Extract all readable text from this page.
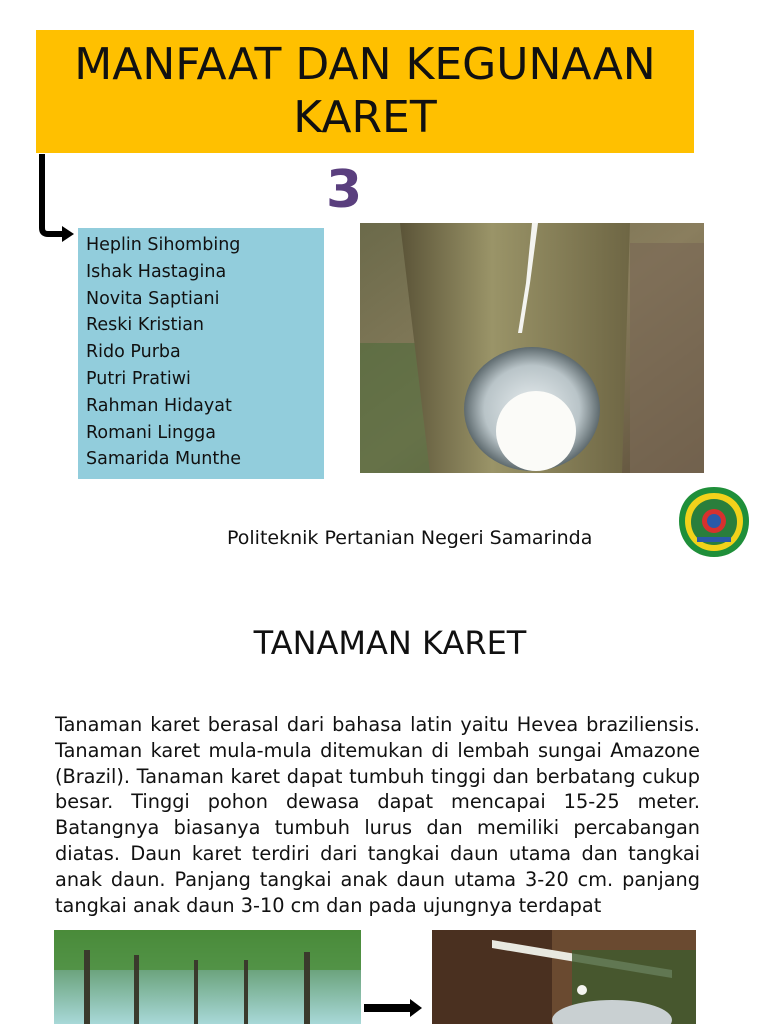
MANFAAT DAN KEGUNAAN
KARET
3
Heplin Sihombing
Ishak Hastagina
Novita Saptiani
Reski Kristian
Rido Purba
Putri Pratiwi
Rahman Hidayat
Romani Lingga
Samarida Munthe
Politeknik Pertanian Negeri Samarinda
TANAMAN KARET
Tanaman karet berasal dari bahasa latin yaitu Hevea braziliensis. Tanaman karet mula-mula ditemukan di lembah sungai Amazone (Brazil). Tanaman karet dapat tumbuh tinggi dan berbatang cukup besar. Tinggi pohon dewasa dapat mencapai 15-25 meter. Batangnya biasanya tumbuh lurus dan memiliki percabangan diatas. Daun karet terdiri dari tangkai daun utama dan tangkai anak daun. Panjang tangkai anak daun utama 3-20 cm. panjang tangkai anak daun 3-10 cm dan pada ujungnya terdapat
